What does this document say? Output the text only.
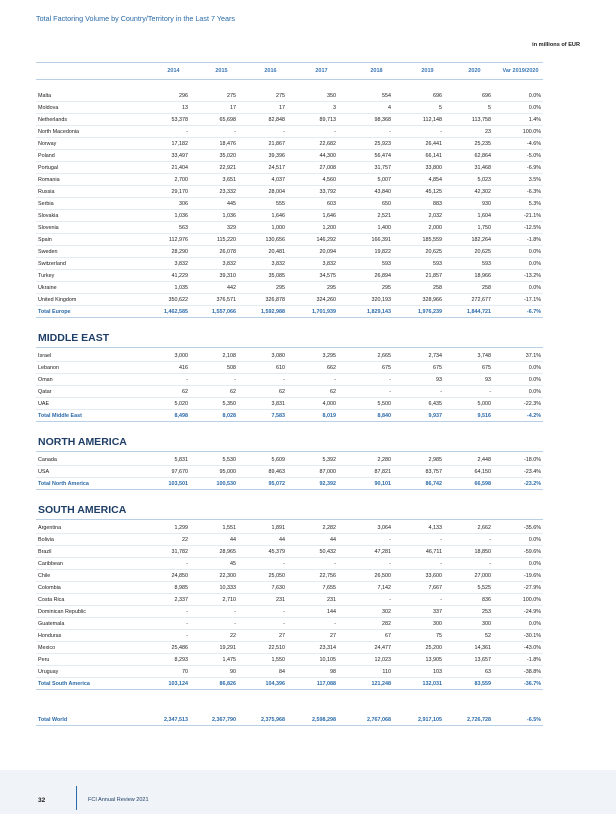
Total Factoring Volume by Country/Territory in the Last 7 Years
in millions of EUR
2014	2015	2016	2017	2018	2019	2020	Var 2019/2020
Malta	296	275	275	350	554	696	696	0.0%
Moldova	13	17	17	3	4	5	5	0.0%
Netherlands	53,378	65,698	82,848	89,713	98,368	112,148	113,758	1.4%
North Macedonia	-	-	-	-	-	-	23	100.0%
Norway	17,182	18,476	21,867	22,682	25,923	26,441	25,235	-4.6%
Poland	33,497	35,020	39,396	44,300	56,474	66,141	62,864	-5.0%
Portugal	21,404	22,921	24,517	27,008	31,757	33,800	31,468	-6.9%
Romania	2,700	3,651	4,037	4,560	5,007	4,854	5,023	3.5%
Russia	29,170	23,332	28,004	33,792	43,840	45,125	42,302	-6.3%
Serbia	306	445	555	603	650	883	930	5.3%
Slovakia	1,036	1,036	1,646	1,646	2,521	2,032	1,604	-21.1%
Slovenia	563	329	1,000	1,200	1,400	2,000	1,750	-12.5%
Spain	112,976	115,220	130,656	146,292	166,391	185,559	182,264	-1.8%
Sweden	28,290	26,078	20,481	20,094	19,822	20,625	20,625	0.0%
Switzerland	3,832	3,832	3,832	3,832	593	593	593	0.0%
Turkey	41,229	39,310	35,085	34,575	26,894	21,857	18,966	-13.2%
Ukraine	1,035	442	295	295	295	258	258	0.0%
United Kingdom	350,622	376,571	326,878	324,260	320,193	328,966	272,677	-17.1%
Total Europe	1,462,585	1,557,066	1,592,988	1,701,939	1,829,143	1,976,239	1,844,721	-6.7%
MIDDLE EAST
Israel	3,000	2,108	3,080	3,295	2,665	2,734	3,748	37.1%
Lebanon	416	508	610	662	675	675	675	0.0%
Oman	-	-	-	-	-	93	93	0.0%
Qatar	62	62	62	62	-	-	-	0.0%
UAE	5,020	5,350	3,831	4,000	5,500	6,435	5,000	-22.3%
Total Middle East	8,498	8,028	7,583	8,019	8,840	9,937	9,516	-4.2%
NORTH AMERICA
Canada	5,831	5,530	5,609	5,392	2,280	2,985	2,448	-18.0%
USA	97,670	95,000	89,463	87,000	87,821	83,757	64,150	-23.4%
Total North America	103,501	100,530	95,072	92,392	90,101	86,742	66,598	-23.2%
SOUTH AMERICA
Argentina	1,299	1,551	1,891	2,282	3,064	4,133	2,662	-35.6%
Bolivia	22	44	44	44	-	-	-	0.0%
Brazil	31,782	28,965	45,379	50,432	47,281	46,711	18,850	-59.6%
Caribbean	-	45	-	-	-	-	-	0.0%
Chile	24,850	22,300	25,050	22,756	26,500	33,600	27,000	-19.6%
Colombia	8,985	10,333	7,630	7,655	7,142	7,667	5,525	-27.9%
Costa Rica	2,337	2,710	231	231	-	-	836	100.0%
Dominican Republic	-	-	-	144	302	337	253	-24.9%
Guatemala	-	-	-	-	282	300	300	0.0%
Honduras	-	22	27	27	67	75	52	-30.1%
Mexico	25,486	19,291	22,510	23,314	24,477	25,200	14,361	-43.0%
Peru	8,293	1,475	1,550	10,105	12,023	13,905	13,657	-1.8%
Uruguay	70	90	84	98	110	103	63	-38.8%
Total South America	103,124	86,826	104,396	117,088	121,248	132,031	83,559	-36.7%
Total World	2,347,513	2,367,790	2,375,968	2,598,298	2,767,068	2,917,105	2,726,728	-6.5%
32	FCI Annual Review 2021
